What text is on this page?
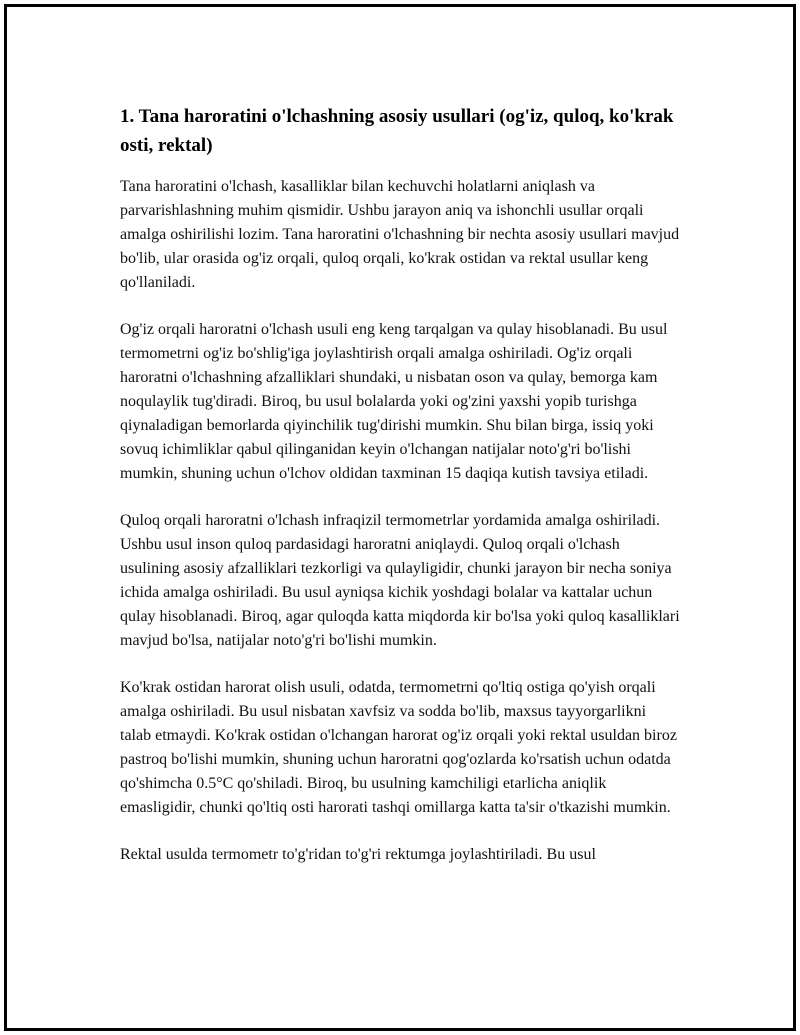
1. Tana haroratini o'lchashning asosiy usullari (og'iz, quloq, ko'krak osti, rektal)

Tana haroratini o'lchash, kasalliklar bilan kechuvchi holatlarni aniqlash va parvarishlashning muhim qismidir. Ushbu jarayon aniq va ishonchli usullar orqali amalga oshirilishi lozim. Tana haroratini o'lchashning bir nechta asosiy usullari mavjud bo'lib, ular orasida og'iz orqali, quloq orqali, ko'krak ostidan va rektal usullar keng qo'llaniladi.

Og'iz orqali haroratni o'lchash usuli eng keng tarqalgan va qulay hisoblanadi. Bu usul termometrni og'iz bo'shlig'iga joylashtirish orqali amalga oshiriladi. Og'iz orqali haroratni o'lchashning afzalliklari shundaki, u nisbatan oson va qulay, bemorga kam noqulaylik tug'diradi. Biroq, bu usul bolalarda yoki og'zini yaxshi yopib turishga qiynaladigan bemorlarda qiyinchilik tug'dirishi mumkin. Shu bilan birga, issiq yoki sovuq ichimliklar qabul qilinganidan keyin o'lchangan natijalar noto'g'ri bo'lishi mumkin, shuning uchun o'lchov oldidan taxminan 15 daqiqa kutish tavsiya etiladi.

Quloq orqali haroratni o'lchash infraqizil termometrlar yordamida amalga oshiriladi. Ushbu usul inson quloq pardasidagi haroratni aniqlaydi. Quloq orqali o'lchash usulining asosiy afzalliklari tezkorligi va qulayligidir, chunki jarayon bir necha soniya ichida amalga oshiriladi. Bu usul ayniqsa kichik yoshdagi bolalar va kattalar uchun qulay hisoblanadi. Biroq, agar quloqda katta miqdorda kir bo'lsa yoki quloq kasalliklari mavjud bo'lsa, natijalar noto'g'ri bo'lishi mumkin.

Ko'krak ostidan harorat olish usuli, odatda, termometrni qo'ltiq ostiga qo'yish orqali amalga oshiriladi. Bu usul nisbatan xavfsiz va sodda bo'lib, maxsus tayyorgarlikni talab etmaydi. Ko'krak ostidan o'lchangan harorat og'iz orqali yoki rektal usuldan biroz pastroq bo'lishi mumkin, shuning uchun haroratni qog'ozlarda ko'rsatish uchun odatda qo'shimcha 0.5°C qo'shiladi. Biroq, bu usulning kamchiligi etarlicha aniqlik emasligidir, chunki qo'ltiq osti harorati tashqi omillarga katta ta'sir o'tkazishi mumkin.

Rektal usulda termometr to'g'ridan to'g'ri rektumga joylashtiriladi. Bu usul
